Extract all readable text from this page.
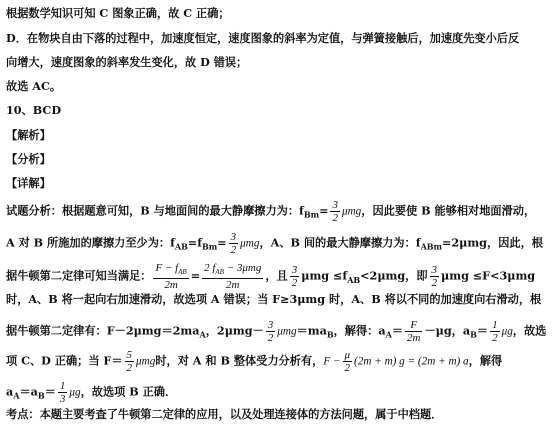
根据数学知识可知 C 图象正确，故 C 正确；
D．在物块自由下落的过程中，加速度恒定，速度图象的斜率为定值，与弹簧接触后，加速度先变小后反
向增大，速度图象的斜率发生变化，故 D 错误；
故选 AC。
10、BCD
【解析】
【分析】
【详解】
试题分析：根据题意可知，B 与地面间的最大静摩擦力为：$f_{Bm}= \frac{3}{2}$ μmg，因此要使 B 能够相对地面滑动，
A 对 B 所施加的摩擦力至少为：$f_{AB}=f_{Bm}= \frac{3}{2}$ μmg，A、B 间的最大静摩擦力为：$f_{ABm}=2\mu mg$，因此，根
据牛顿第二定律可知当满足： $\frac{F - f_{AB}}{2m} = \frac{2 f_{AB} - 3\mu mg}{2m}$ ，且 $\frac{3}{2}$ $\mu mg \le f_{AB}<2\mu mg$，即 $\frac{3}{2}$ μmg ≤F<3μmg
时，A、B 将一起向右加速滑动，故选项 A 错误；当 F≥3μmg 时，A、B 将以不同的加速度向右滑动，根
据牛顿第二定律有：$F-2\mu mg=2ma_A$，$2\mu mg- \frac{3}{2} \mu mg=ma_B$，解得：$a_A= \frac{F}{2m} -\mu g$，$a_B= \frac{1}{2}$ μg，故选
项 C、D 正确；当 $F= \frac{5}{2}$ μmg时，对 A 和 B 整体受力分析有，$F - \frac{\mu}{2} (2m + m) g = (2m + m)$ a，解得
$a_A=a_B= \frac{1}{3}$ μg，故选项 B 正确．
考点：本题主要考查了牛顿第二定律的应用，以及处理连接体的方法问题，属于中档题．
